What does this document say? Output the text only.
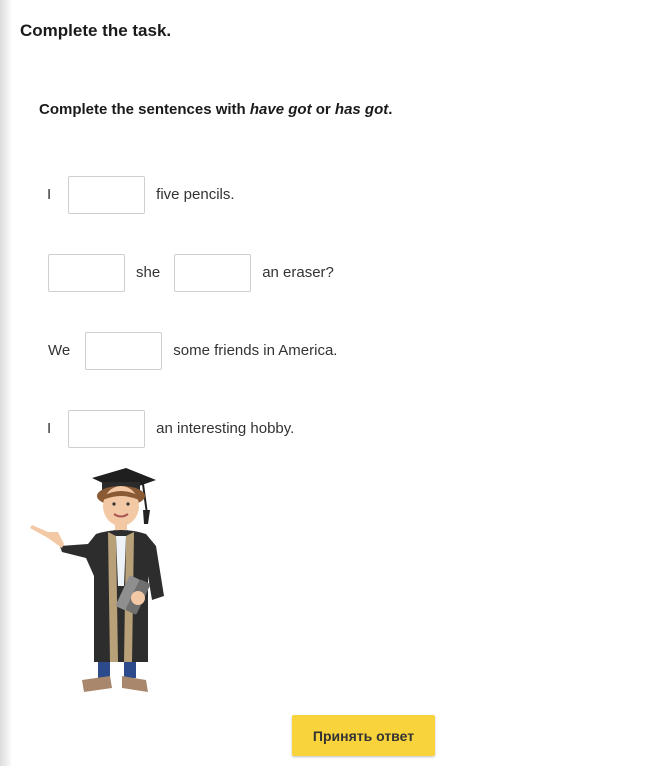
Complete the task.
Complete the sentences with have got or has got.
I	five pencils.
she	an eraser?
We	some friends in America.
I	an interesting hobby.
Принять ответ
